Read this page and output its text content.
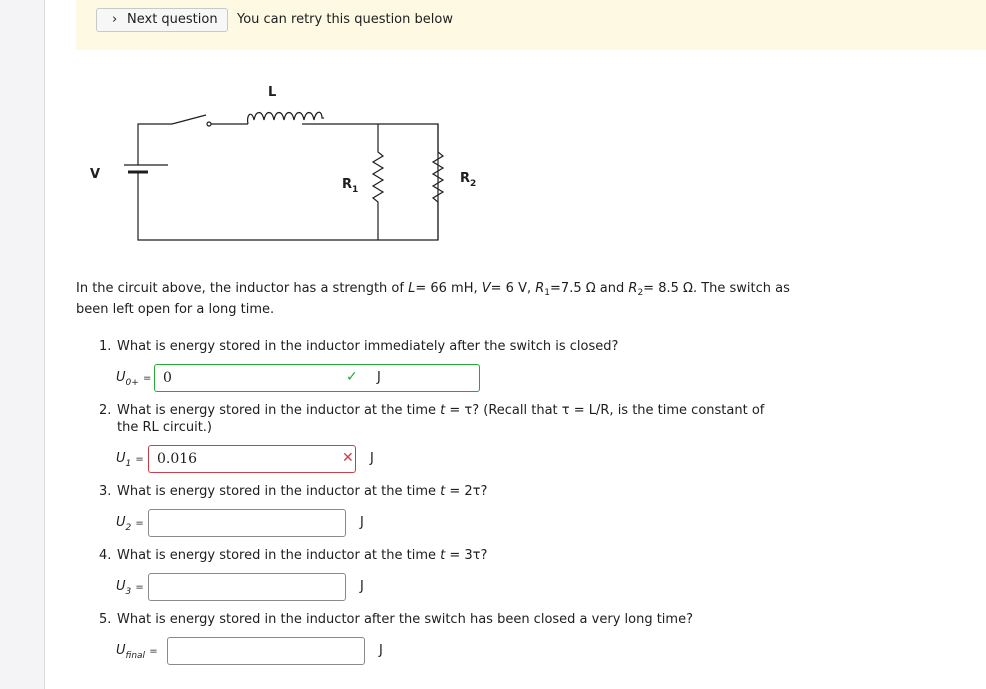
› Next question	You can retry this question below
L
V
$R_1$
$R_2$
In the circuit above, the inductor has a strength of L= 66 mH, V= 6 V, $R_1=7.5$ Ω and $R_2= 8.5$ Ω. The switch as been left open for a long time.
1. What is energy stored in the inductor immediately after the switch is closed?
$U_{0+} = 0$	✓ J
2. What is energy stored in the inductor at the time t = τ? (Recall that τ = L/R, is the time constant of
the RL circuit.)
$U_1 = 0.016$	✕ J
3. What is energy stored in the inductor at the time t = 2τ?
$U_2$ =	J
4. What is energy stored in the inductor at the time t = 3τ?
$U_3$ =	J
5. What is energy stored in the inductor after the switch has been closed a very long time?
$U_{final}$ =	J
